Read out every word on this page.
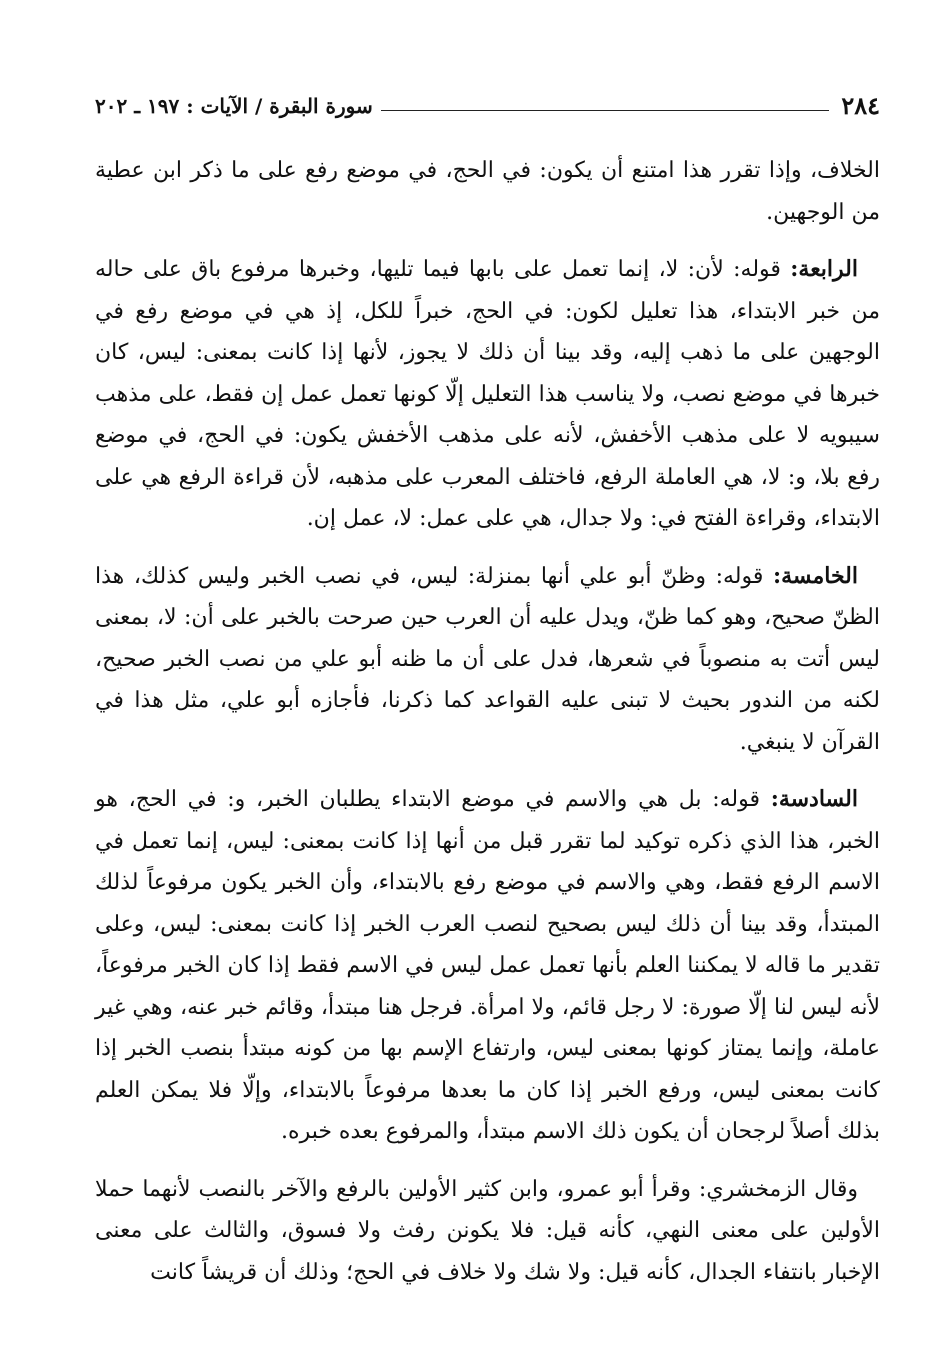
٢٨٤
سورة البقرة / الآيات : ١٩٧ ـ ٢٠٢

الخلاف، وإذا تقرر هذا امتنع أن يكون: في الحج، في موضع رفع على ما ذكر ابن عطية من الوجهين.

الرابعة: قوله: لأن: لا، إنما تعمل على بابها فيما تليها، وخبرها مرفوع باق على حاله من خبر الابتداء، هذا تعليل لكون: في الحج، خبراً للكل، إذ هي في موضع رفع في الوجهين على ما ذهب إليه، وقد بينا أن ذلك لا يجوز، لأنها إذا كانت بمعنى: ليس، كان خبرها في موضع نصب، ولا يناسب هذا التعليل إلّا كونها تعمل عمل إن فقط، على مذهب سيبويه لا على مذهب الأخفش، لأنه على مذهب الأخفش يكون: في الحج، في موضع رفع بلا، و: لا، هي العاملة الرفع، فاختلف المعرب على مذهبه، لأن قراءة الرفع هي على الابتداء، وقراءة الفتح في: ولا جدال، هي على عمل: لا، عمل إن.

الخامسة: قوله: وظنّ أبو علي أنها بمنزلة: ليس، في نصب الخبر وليس كذلك، هذا الظنّ صحيح، وهو كما ظنّ، ويدل عليه أن العرب حين صرحت بالخبر على أن: لا، بمعنى ليس أتت به منصوباً في شعرها، فدل على أن ما ظنه أبو علي من نصب الخبر صحيح، لكنه من الندور بحيث لا تبنى عليه القواعد كما ذكرنا، فأجازه أبو علي، مثل هذا في القرآن لا ينبغي.

السادسة: قوله: بل هي والاسم في موضع الابتداء يطلبان الخبر، و: في الحج، هو الخبر، هذا الذي ذكره توكيد لما تقرر قبل من أنها إذا كانت بمعنى: ليس، إنما تعمل في الاسم الرفع فقط، وهي والاسم في موضع رفع بالابتداء، وأن الخبر يكون مرفوعاً لذلك المبتدأ، وقد بينا أن ذلك ليس بصحيح لنصب العرب الخبر إذا كانت بمعنى: ليس، وعلى تقدير ما قاله لا يمكننا العلم بأنها تعمل عمل ليس في الاسم فقط إذا كان الخبر مرفوعاً، لأنه ليس لنا إلّا صورة: لا رجل قائم، ولا امرأة. فرجل هنا مبتدأ، وقائم خبر عنه، وهي غير عاملة، وإنما يمتاز كونها بمعنى ليس، وارتفاع الإسم بها من كونه مبتدأ بنصب الخبر إذا كانت بمعنى ليس، ورفع الخبر إذا كان ما بعدها مرفوعاً بالابتداء، وإلّا فلا يمكن العلم بذلك أصلاً لرجحان أن يكون ذلك الاسم مبتدأ، والمرفوع بعده خبره.

وقال الزمخشري: وقرأ أبو عمرو، وابن كثير الأولين بالرفع والآخر بالنصب لأنهما حملا الأولين على معنى النهي، كأنه قيل: فلا يكونن رفث ولا فسوق، والثالث على معنى الإخبار بانتفاء الجدال، كأنه قيل: ولا شك ولا خلاف في الحج؛ وذلك أن قريشاً كانت
